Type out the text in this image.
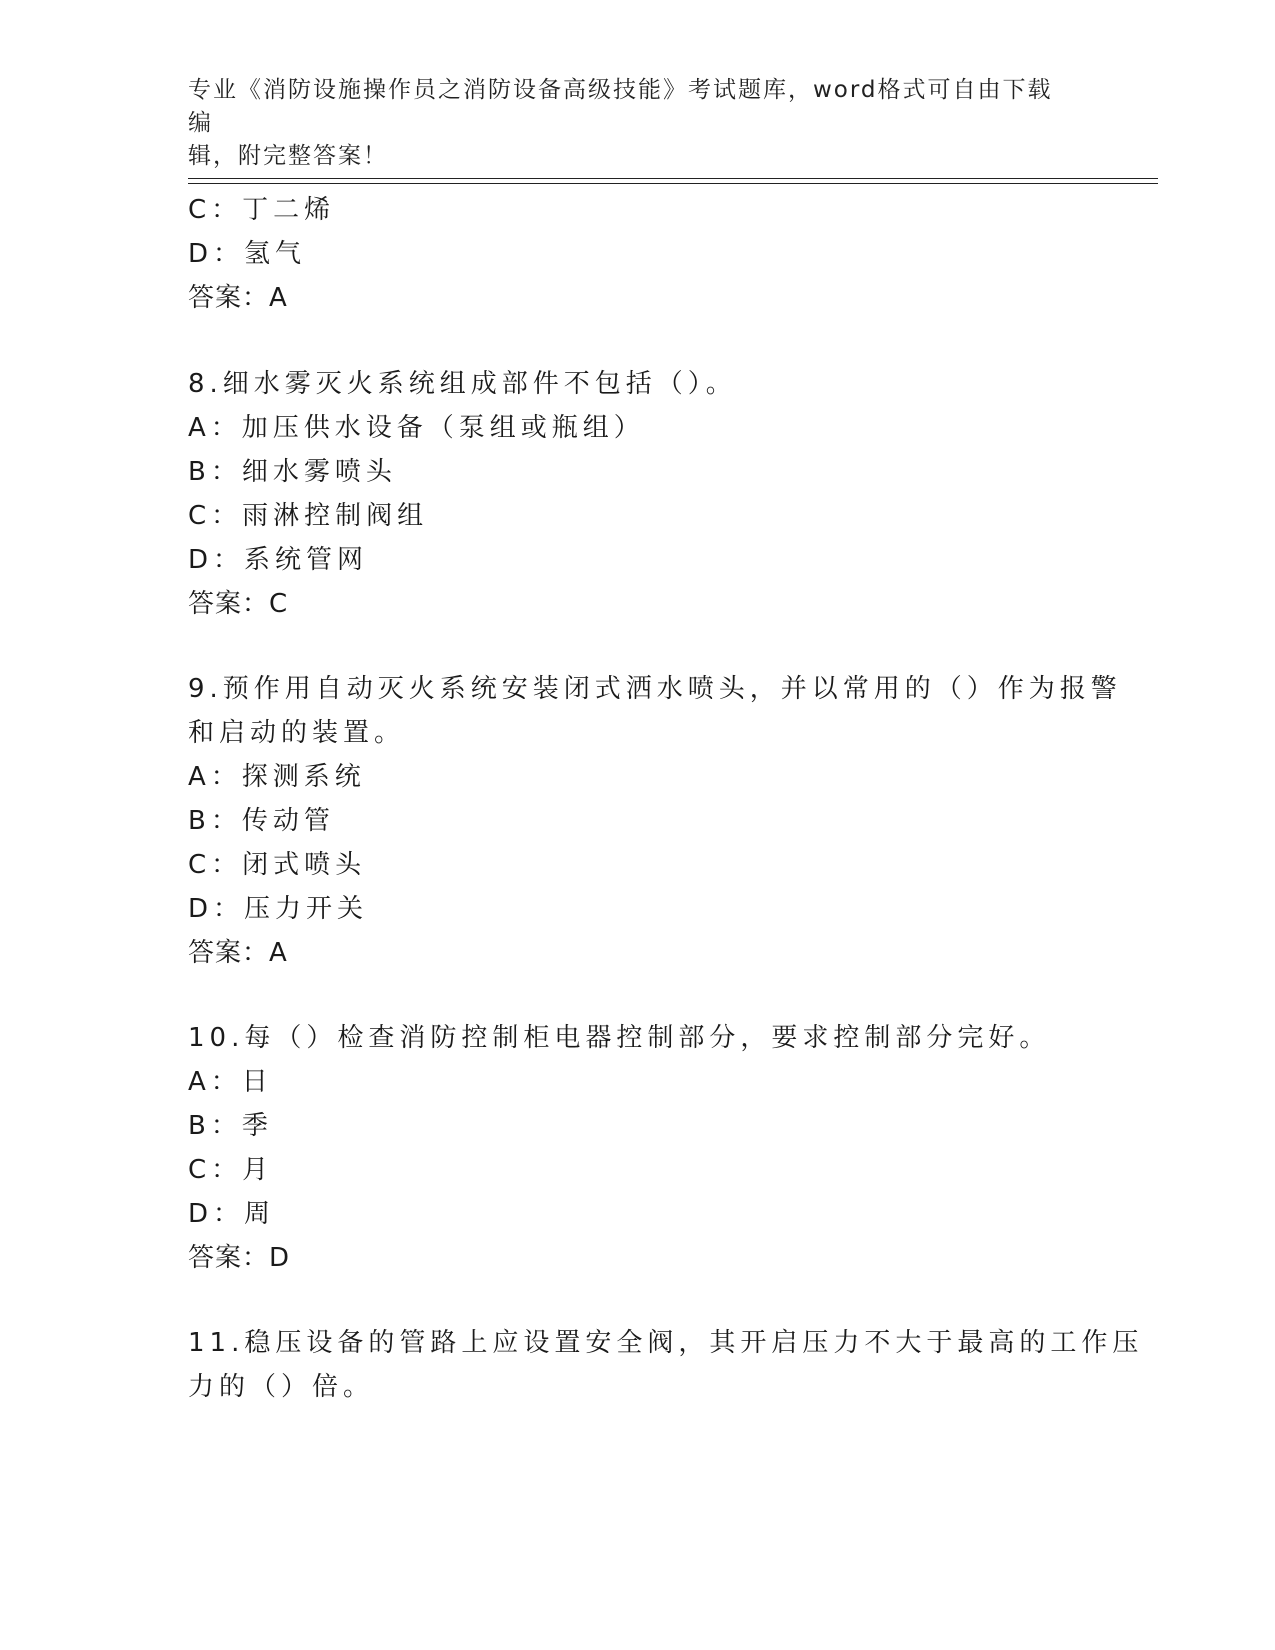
专业《消防设施操作员之消防设备高级技能》考试题库，word格式可自由下载编
辑，附完整答案！
C：丁二烯
D：氢气
答案：A
8.细水雾灭火系统组成部件不包括（）。
A：加压供水设备（泵组或瓶组）
B：细水雾喷头
C：雨淋控制阀组
D：系统管网
答案：C
9.预作用自动灭火系统安装闭式洒水喷头，并以常用的（）作为报警
和启动的装置。
A：探测系统
B：传动管
C：闭式喷头
D：压力开关
答案：A
10.每（）检查消防控制柜电器控制部分，要求控制部分完好。
A：日
B：季
C：月
D：周
答案：D
11.稳压设备的管路上应设置安全阀，其开启压力不大于最高的工作压
力的（）倍。
